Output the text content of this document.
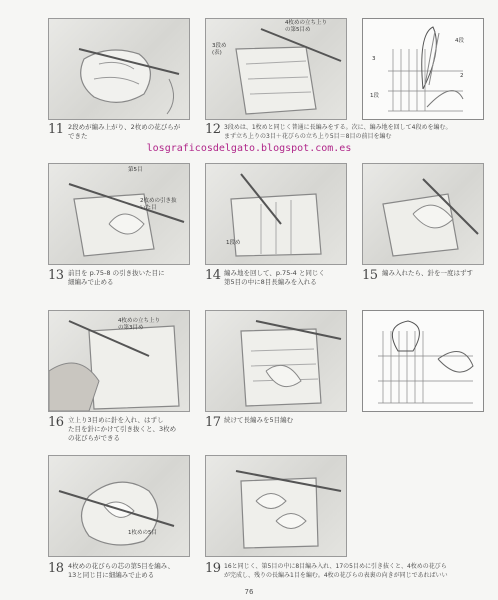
11 2段めが編み上がり、2枚めの花びらが
できた
4枚めの立ち上り
の第5目め
3段め
(表)
12 3段めは、1枚めと同じく普通に長編みをする。次に、編み地を回して4段めを編む。
まず立ち上りの3目＋花びらの立ち上り5目＝8目の前目を編む
4段
3
2
1段
losgraficosdelgato.blogspot.com.es
第5目
2枚めの引き抜
いた目
13 前目を p.75-8 の引き抜いた目に
細編みで止める
1段め
14 編み地を回して、p.75-4 と同じく
第5目の中に8目長編みを入れる	15 編み入れたら、針を一度はずす
4枚めの立ち上り
の第3目め
16 立上り3目めに針を入れ、はずし
た目を針にかけて引き抜くと、3枚め
の花びらができる
17 続けて長編みを5目編む
1枚めの5目
18 4枚めの花びらの芯の第5目を編み、
13と同じ目に細編みで止める	19 16と同じく、第5目の中に8目編み入れ、17の5目めに引き抜くと、4枚めの花びら
が完成し、残りの長編み1目を編む。4枚の花びらの表裏の向きが同じであればいい
76
